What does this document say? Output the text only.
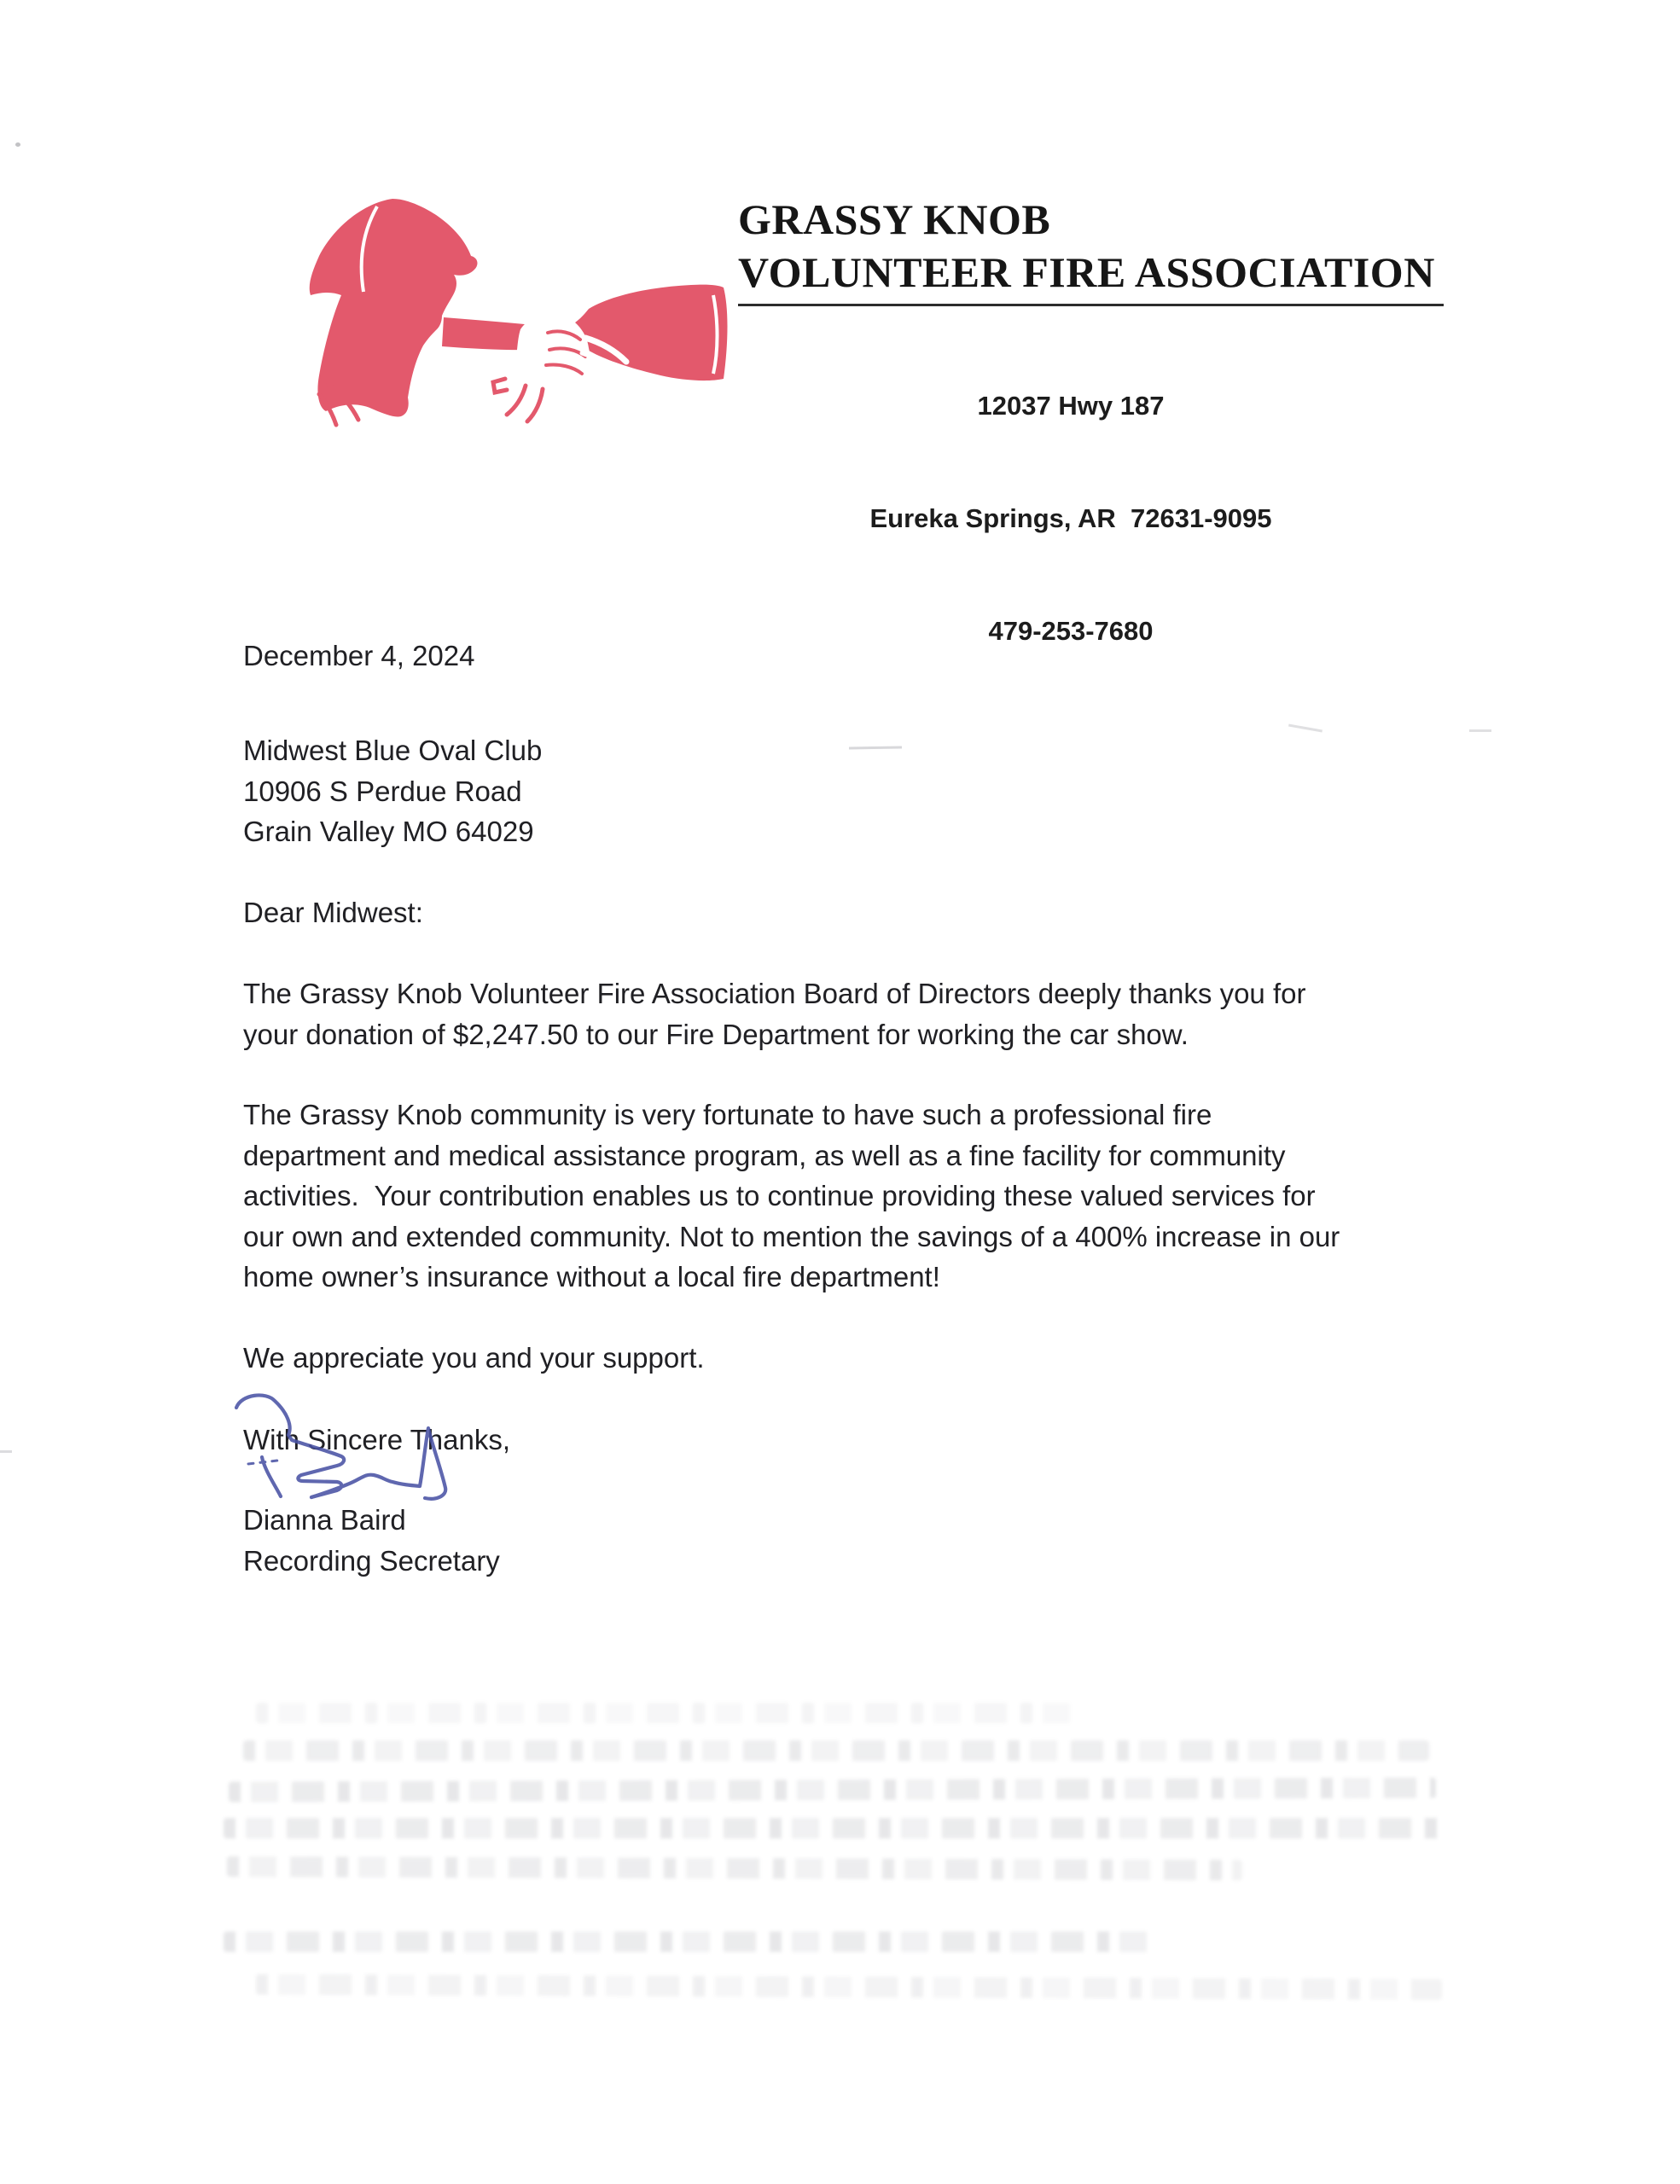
GRASSY KNOB
VOLUNTEER FIRE ASSOCIATION

12037 Hwy 187

Eureka Springs, AR  72631-9095

479-253-7680

December 4, 2024
Midwest Blue Oval Club
10906 S Perdue Road
Grain Valley MO 64029
Dear Midwest:
The Grassy Knob Volunteer Fire Association Board of Directors deeply thanks you for
your donation of $2,247.50 to our Fire Department for working the car show.
The Grassy Knob community is very fortunate to have such a professional fire
department and medical assistance program, as well as a fine facility for community
activities.  Your contribution enables us to continue providing these valued services for
our own and extended community. Not to mention the savings of a 400% increase in our
home owner’s insurance without a local fire department!
We appreciate you and your support.
With Sincere Thanks,
Dianna Baird
Recording Secretary
